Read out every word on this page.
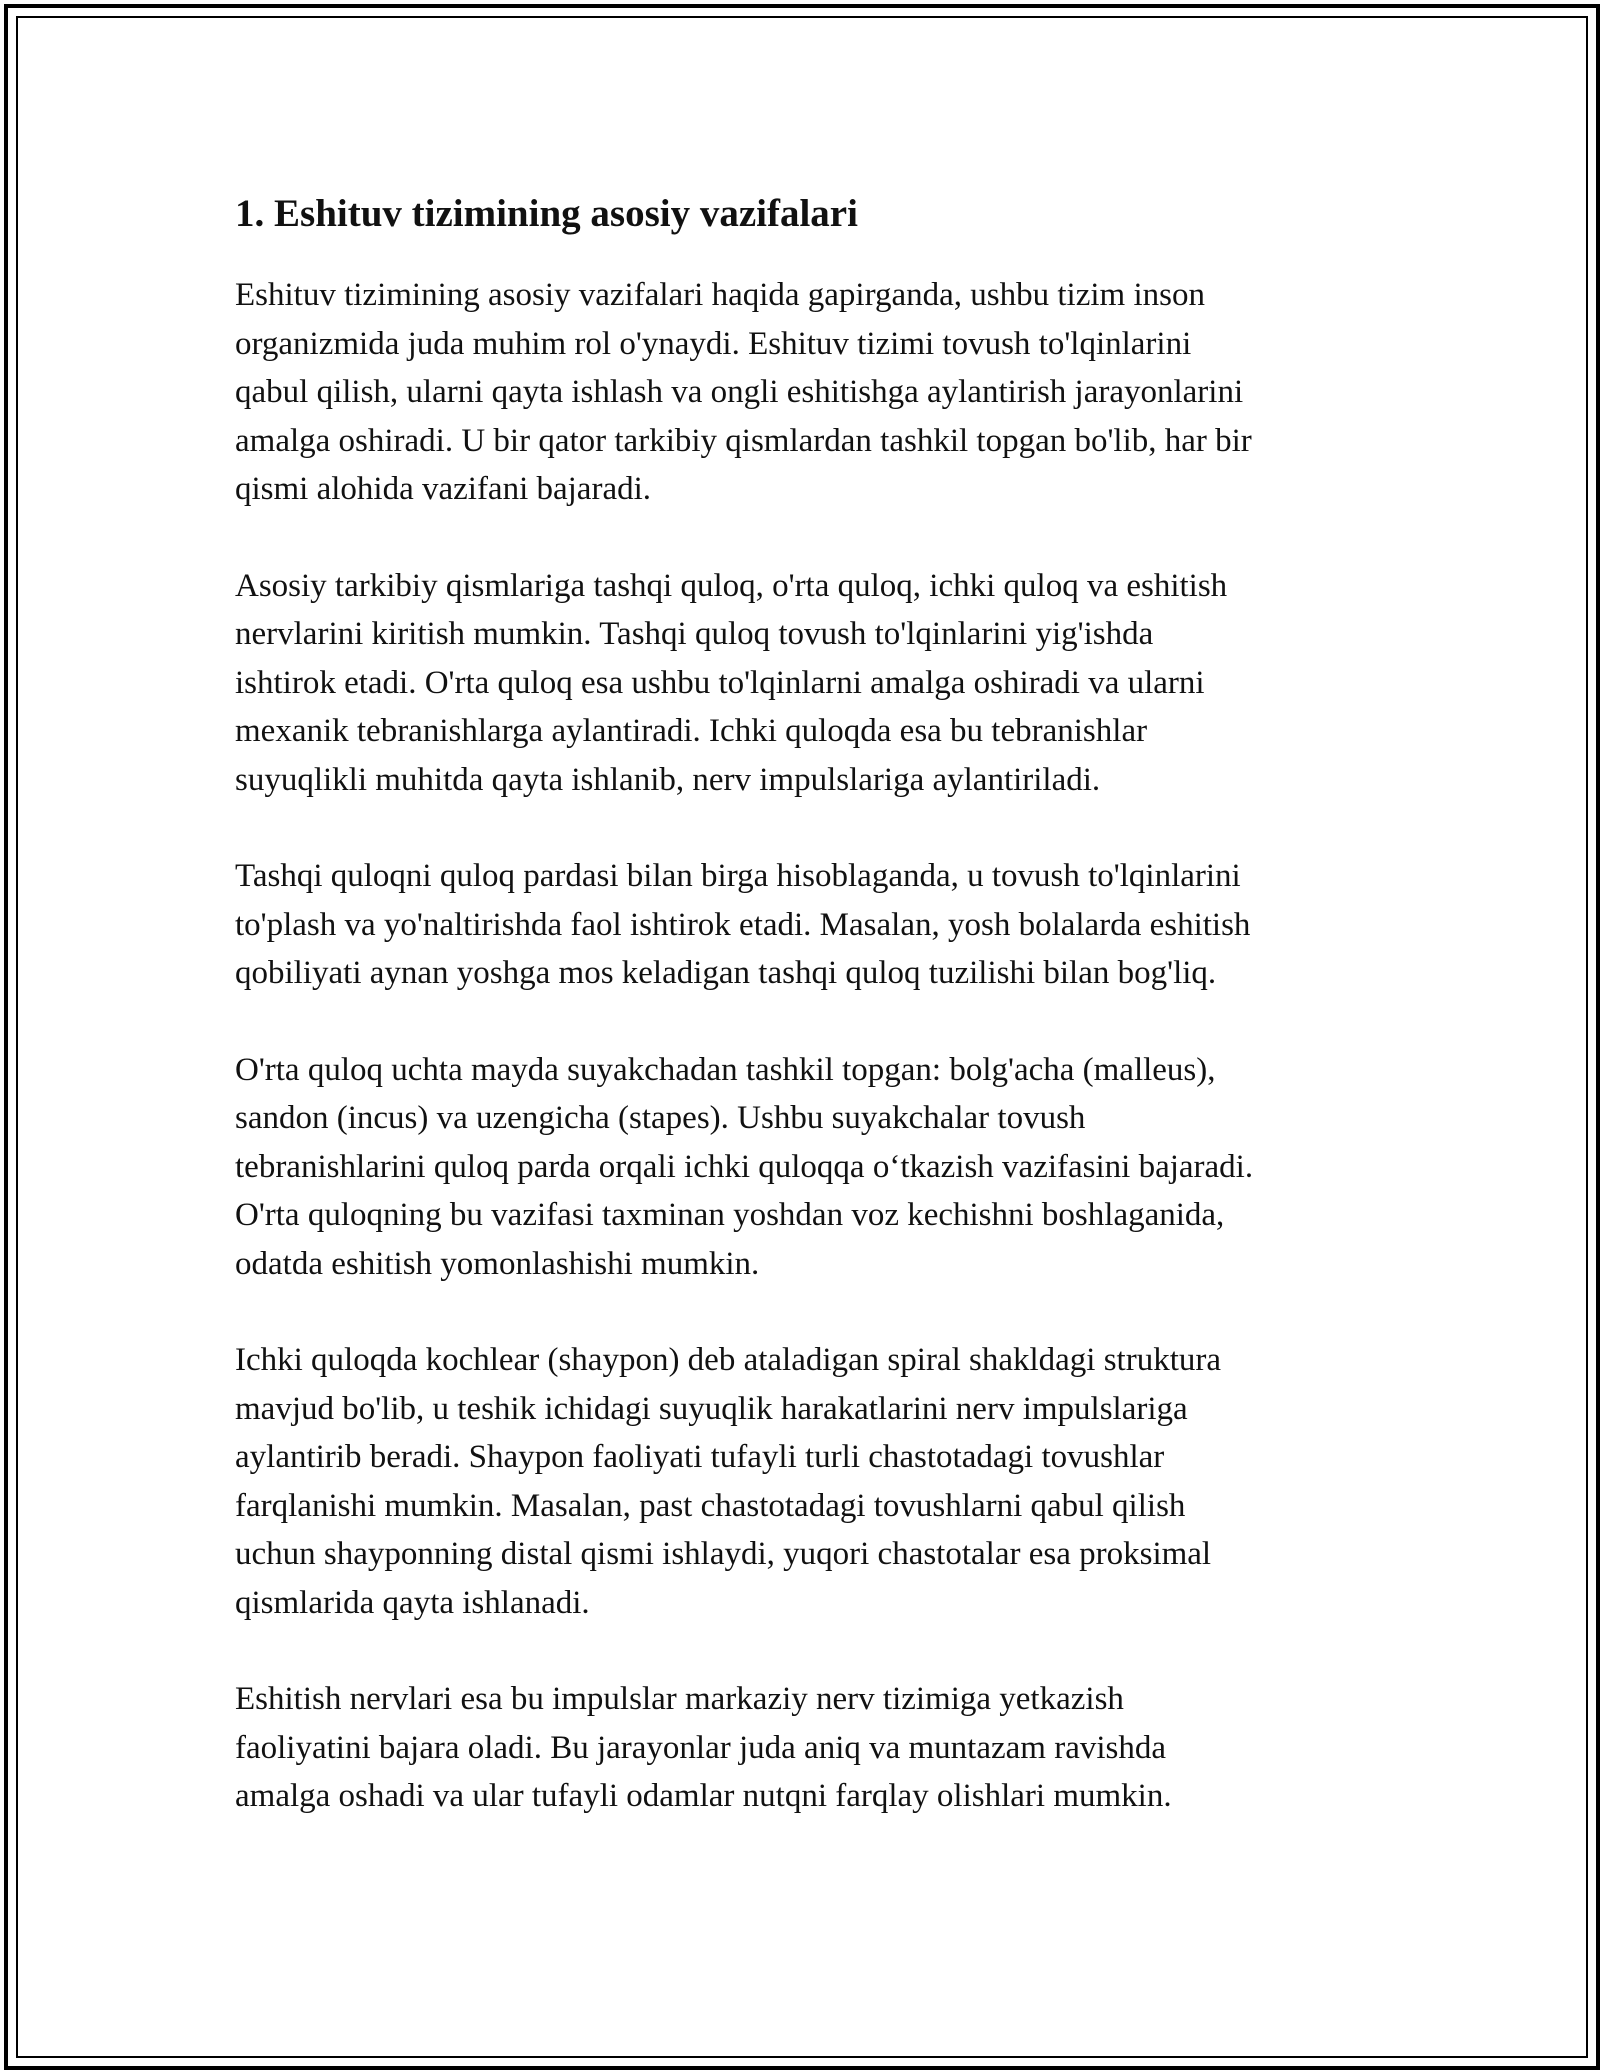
1. Eshituv tizimining asosiy vazifalari

Eshituv tizimining asosiy vazifalari haqida gapirganda, ushbu tizim inson
organizmida juda muhim rol o'ynaydi. Eshituv tizimi tovush to'lqinlarini
qabul qilish, ularni qayta ishlash va ongli eshitishga aylantirish jarayonlarini
amalga oshiradi. U bir qator tarkibiy qismlardan tashkil topgan bo'lib, har bir
qismi alohida vazifani bajaradi.

Asosiy tarkibiy qismlariga tashqi quloq, o'rta quloq, ichki quloq va eshitish
nervlarini kiritish mumkin. Tashqi quloq tovush to'lqinlarini yig'ishda
ishtirok etadi. O'rta quloq esa ushbu to'lqinlarni amalga oshiradi va ularni
mexanik tebranishlarga aylantiradi. Ichki quloqda esa bu tebranishlar
suyuqlikli muhitda qayta ishlanib, nerv impulslariga aylantiriladi.

Tashqi quloqni quloq pardasi bilan birga hisoblaganda, u tovush to'lqinlarini
to'plash va yo'naltirishda faol ishtirok etadi. Masalan, yosh bolalarda eshitish
qobiliyati aynan yoshga mos keladigan tashqi quloq tuzilishi bilan bog'liq.

O'rta quloq uchta mayda suyakchadan tashkil topgan: bolg'acha (malleus),
sandon (incus) va uzengicha (stapes). Ushbu suyakchalar tovush
tebranishlarini quloq parda orqali ichki quloqqa o‘tkazish vazifasini bajaradi.
O'rta quloqning bu vazifasi taxminan yoshdan voz kechishni boshlaganida,
odatda eshitish yomonlashishi mumkin.

Ichki quloqda kochlear (shaypon) deb ataladigan spiral shakldagi struktura
mavjud bo'lib, u teshik ichidagi suyuqlik harakatlarini nerv impulslariga
aylantirib beradi. Shaypon faoliyati tufayli turli chastotadagi tovushlar
farqlanishi mumkin. Masalan, past chastotadagi tovushlarni qabul qilish
uchun shayponning distal qismi ishlaydi, yuqori chastotalar esa proksimal
qismlarida qayta ishlanadi.

Eshitish nervlari esa bu impulslar markaziy nerv tizimiga yetkazish
faoliyatini bajara oladi. Bu jarayonlar juda aniq va muntazam ravishda
amalga oshadi va ular tufayli odamlar nutqni farqlay olishlari mumkin.
